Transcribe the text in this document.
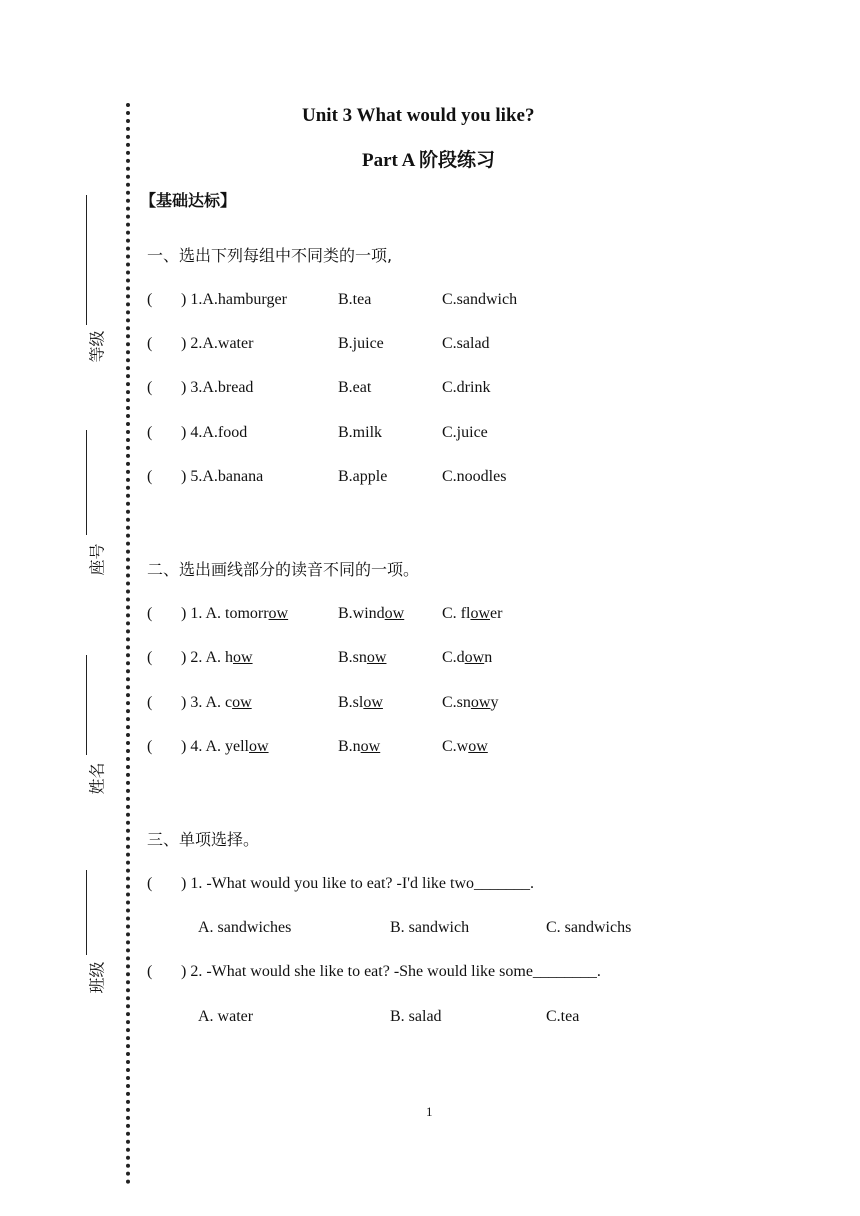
等级
座号
姓名
班级
Unit 3 What would you like?
Part A 阶段练习
【基础达标】
一、选出下列每组中不同类的一项,
( ) 1.A.hamburger	B.tea	C.sandwich
( ) 2.A.water	B.juice	C.salad
( ) 3.A.bread	B.eat	C.drink
( ) 4.A.food	B.milk	C.juice
( ) 5.A.banana	B.apple	C.noodles
二、选出画线部分的读音不同的一项。
( ) 1. A. tomorrow	B.window C. flower
( ) 2. A. how	B.snow	C.down
( ) 3. A. cow	B.slow	C.snowy
( ) 4. A. yellow	B.now	C.wow
三、单项选择。
( ) 1. -What would you like to eat? -I'd like two_______.
A. sandwiches	B. sandwich	C. sandwichs
( ) 2. -What would she like to eat? -She would like some________.
A. water	B. salad	C.tea
1
